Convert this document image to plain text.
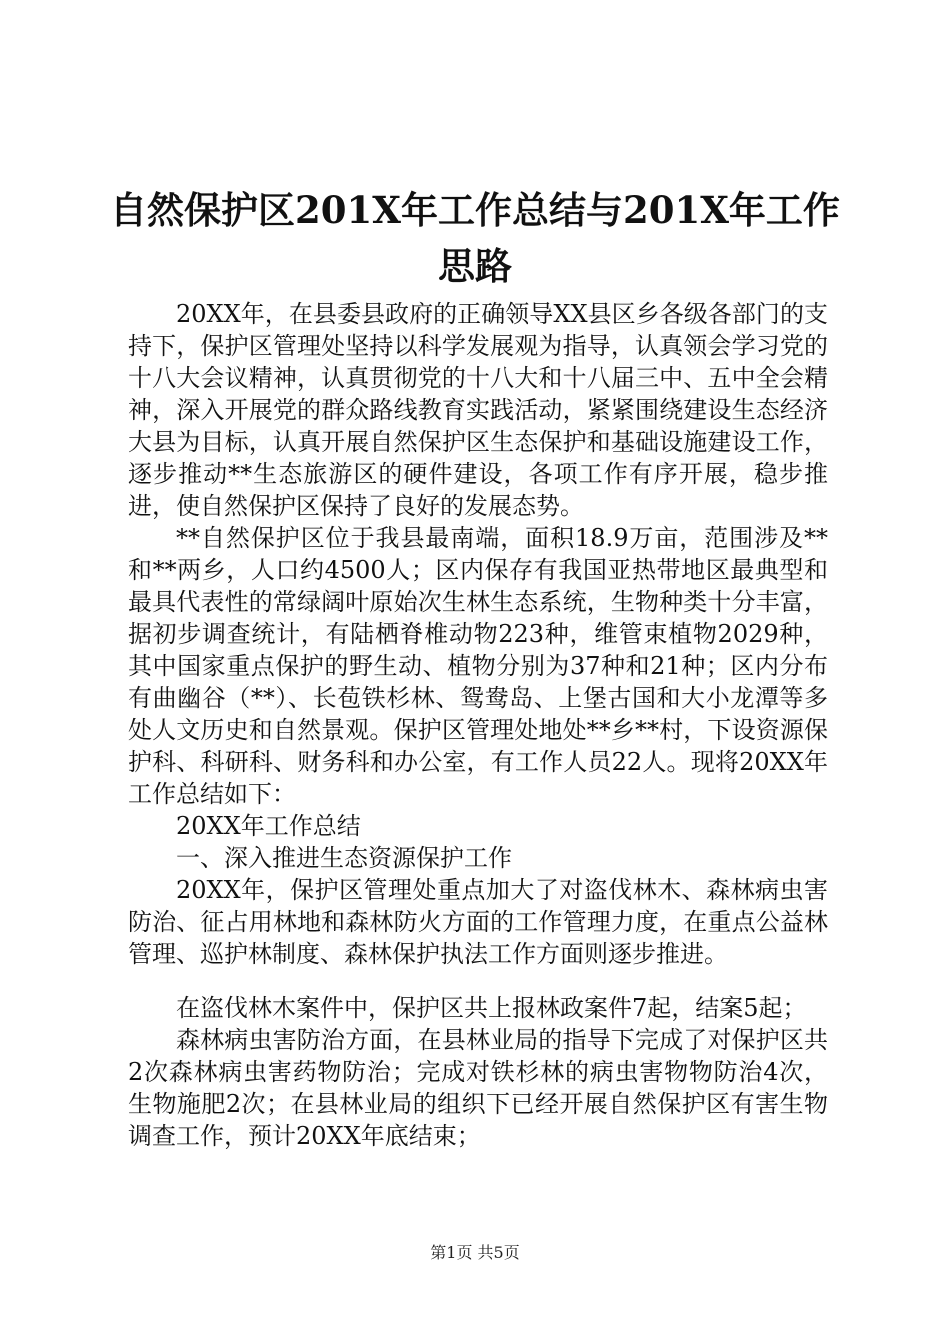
自然保护区201X年工作总结与201X年工作思路

20XX年，在县委县政府的正确领导XX县区乡各级各部门的支持下，保护区管理处坚持以科学发展观为指导，认真领会学习党的十八大会议精神，认真贯彻党的十八大和十八届三中、五中全会精神，深入开展党的群众路线教育实践活动，紧紧围绕建设生态经济大县为目标，认真开展自然保护区生态保护和基础设施建设工作，逐步推动**生态旅游区的硬件建设，各项工作有序开展，稳步推进，使自然保护区保持了良好的发展态势。

**自然保护区位于我县最南端，面积18.9万亩，范围涉及**和**两乡，人口约4500人；区内保存有我国亚热带地区最典型和最具代表性的常绿阔叶原始次生林生态系统，生物种类十分丰富，据初步调查统计，有陆栖脊椎动物223种，维管束植物2029种，其中国家重点保护的野生动、植物分别为37种和21种；区内分布有曲幽谷（**）、长苞铁杉林、鸳鸯岛、上堡古国和大小龙潭等多处人文历史和自然景观。保护区管理处地处**乡**村，下设资源保护科、科研科、财务科和办公室，有工作人员22人。现将20XX年工作总结如下：

20XX年工作总结

一、深入推进生态资源保护工作

20XX年，保护区管理处重点加大了对盗伐林木、森林病虫害防治、征占用林地和森林防火方面的工作管理力度，在重点公益林管理、巡护林制度、森林保护执法工作方面则逐步推进。

在盗伐林木案件中，保护区共上报林政案件7起，结案5起；

森林病虫害防治方面，在县林业局的指导下完成了对保护区共2次森林病虫害药物防治；完成对铁杉林的病虫害物物防治4次，生物施肥2次；在县林业局的组织下已经开展自然保护区有害生物调查工作，预计20XX年底结束；

第1页 共5页
